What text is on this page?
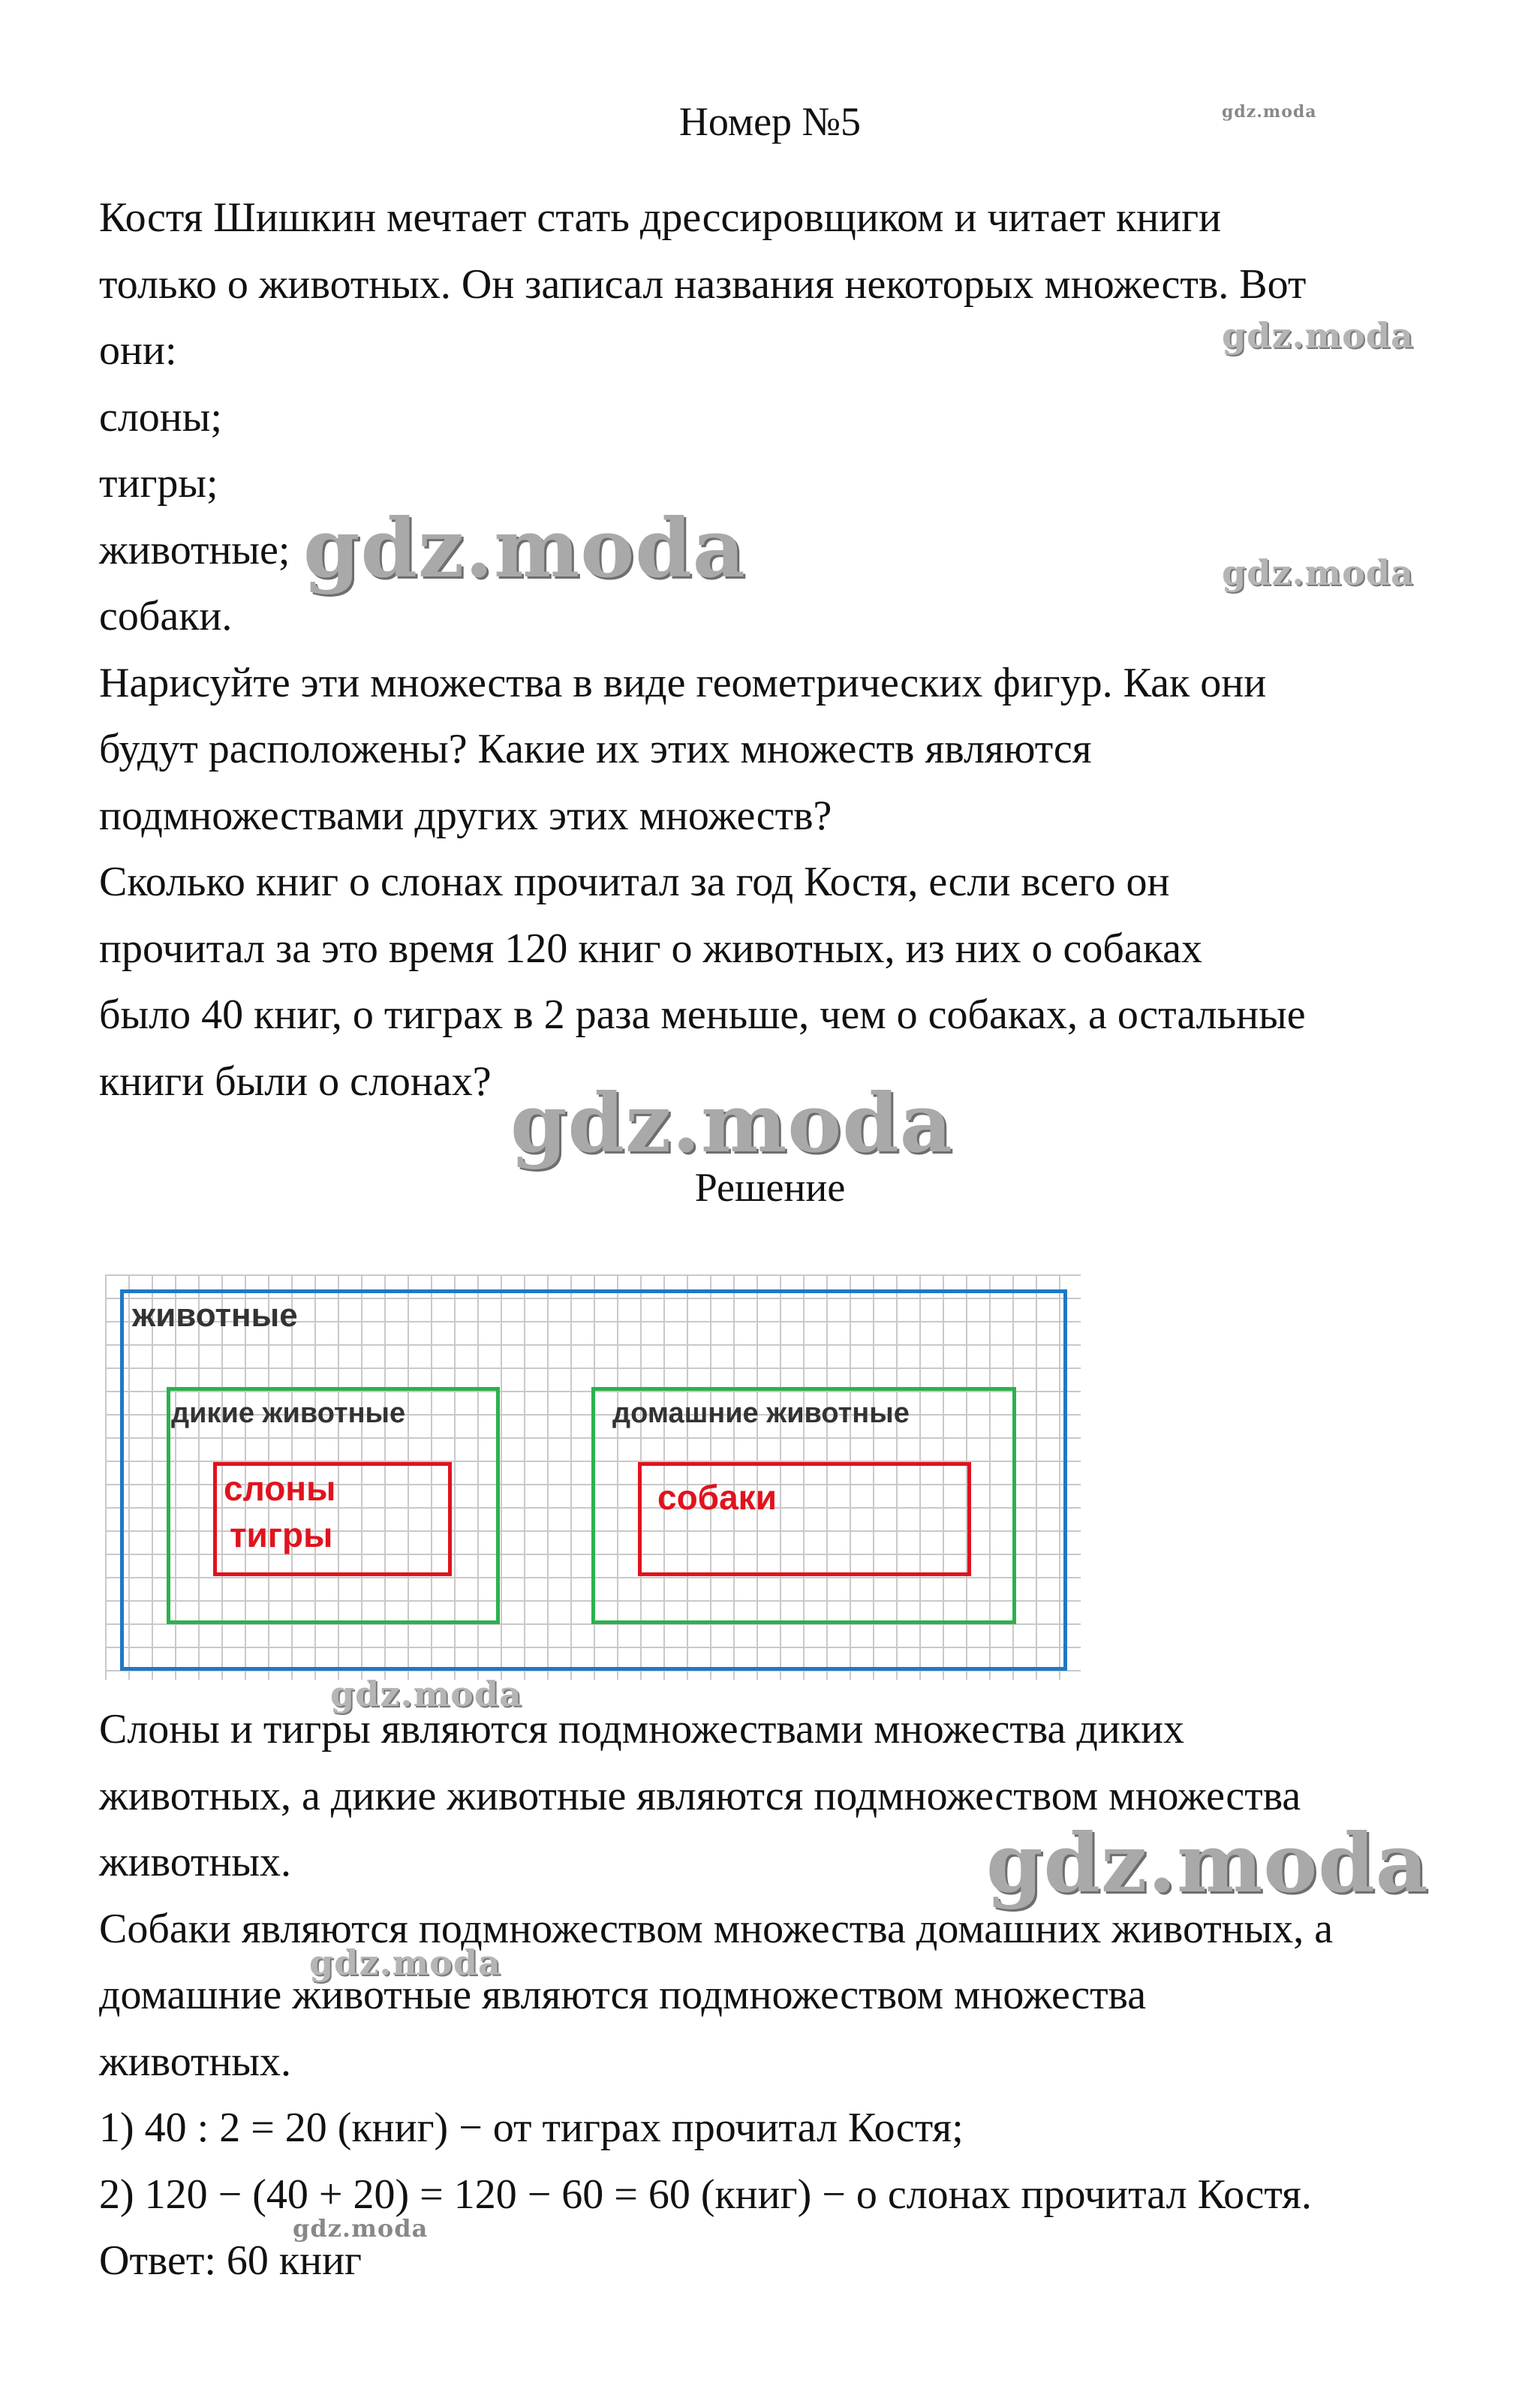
Номер №5
Костя Шишкин мечтает стать дрессировщиком и читает книги
только о животных. Он записал названия некоторых множеств. Вот
они:
слоны;
тигры;
животные;
собаки.
Нарисуйте эти множества в виде геометрических фигур. Как они
будут расположены? Какие их этих множеств являются
подмножествами других этих множеств?
Сколько книг о слонах прочитал за год Костя, если всего он
прочитал за это время 120 книг о животных, из них о собаках
было 40 книг, о тиграх в 2 раза меньше, чем о собаках, а остальные
книги были о слонах?
Решение
животные
дикие животные	домашние животные
слоны
тигры
собаки
Слоны и тигры являются подмножествами множества диких
животных, а дикие животные являются подмножеством множества
животных.
Собаки являются подмножеством множества домашних животных, а
домашние животные являются подмножеством множества
животных.
1) 40 : 2 = 20 (книг) − от тиграх прочитал Костя;
2) 120 − (40 + 20) = 120 − 60 = 60 (книг) − о слонах прочитал Костя.
Ответ: 60 книг
gdz.moda
gdz.moda
gdz.moda	gdz.moda
gdz.moda
gdz.moda
gdz.moda
gdz.moda
gdz.moda
